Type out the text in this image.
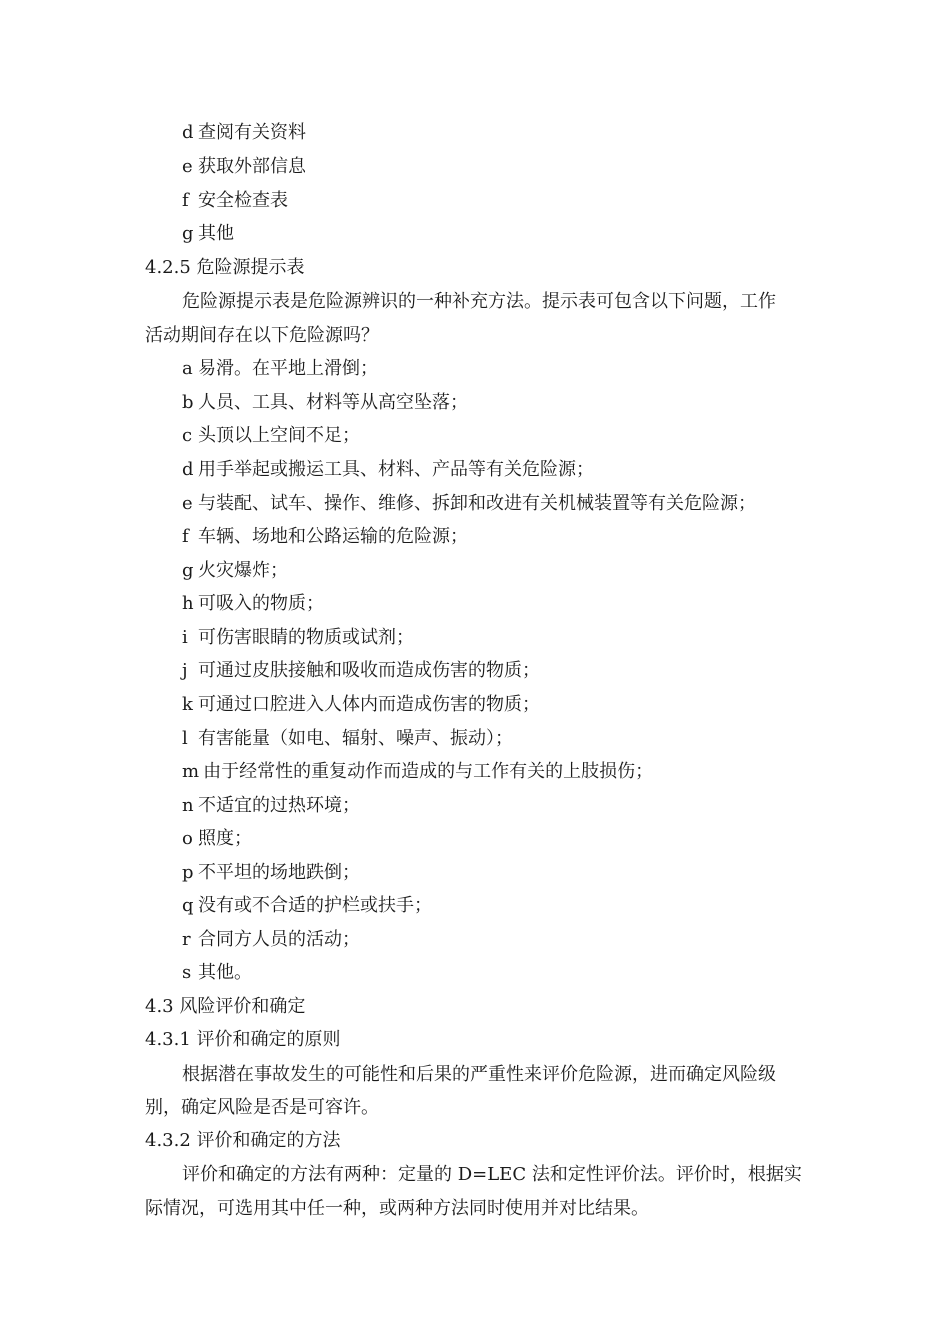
d 查阅有关资料
e 获取外部信息
f 安全检查表
g 其他
4.2.5 危险源提示表
危险源提示表是危险源辨识的一种补充方法。提示表可包含以下问题，工作
活动期间存在以下危险源吗？
a 易滑。在平地上滑倒；
b 人员、工具、材料等从高空坠落；
c 头顶以上空间不足；
d 用手举起或搬运工具、材料、产品等有关危险源；
e 与装配、试车、操作、维修、拆卸和改进有关机械装置等有关危险源；
f 车辆、场地和公路运输的危险源；
g 火灾爆炸；
h 可吸入的物质；
i 可伤害眼睛的物质或试剂；
j 可通过皮肤接触和吸收而造成伤害的物质；
k 可通过口腔进入人体内而造成伤害的物质；
l 有害能量（如电、辐射、噪声、振动）；
m 由于经常性的重复动作而造成的与工作有关的上肢损伤；
n 不适宜的过热环境；
o 照度；
p 不平坦的场地跌倒；
q 没有或不合适的护栏或扶手；
r 合同方人员的活动；
s 其他。
4.3 风险评价和确定
4.3.1 评价和确定的原则
根据潜在事故发生的可能性和后果的严重性来评价危险源，进而确定风险级
别，确定风险是否是可容许。
4.3.2 评价和确定的方法
评价和确定的方法有两种：定量的 D=LEC 法和定性评价法。评价时，根据实
际情况，可选用其中任一种，或两种方法同时使用并对比结果。
